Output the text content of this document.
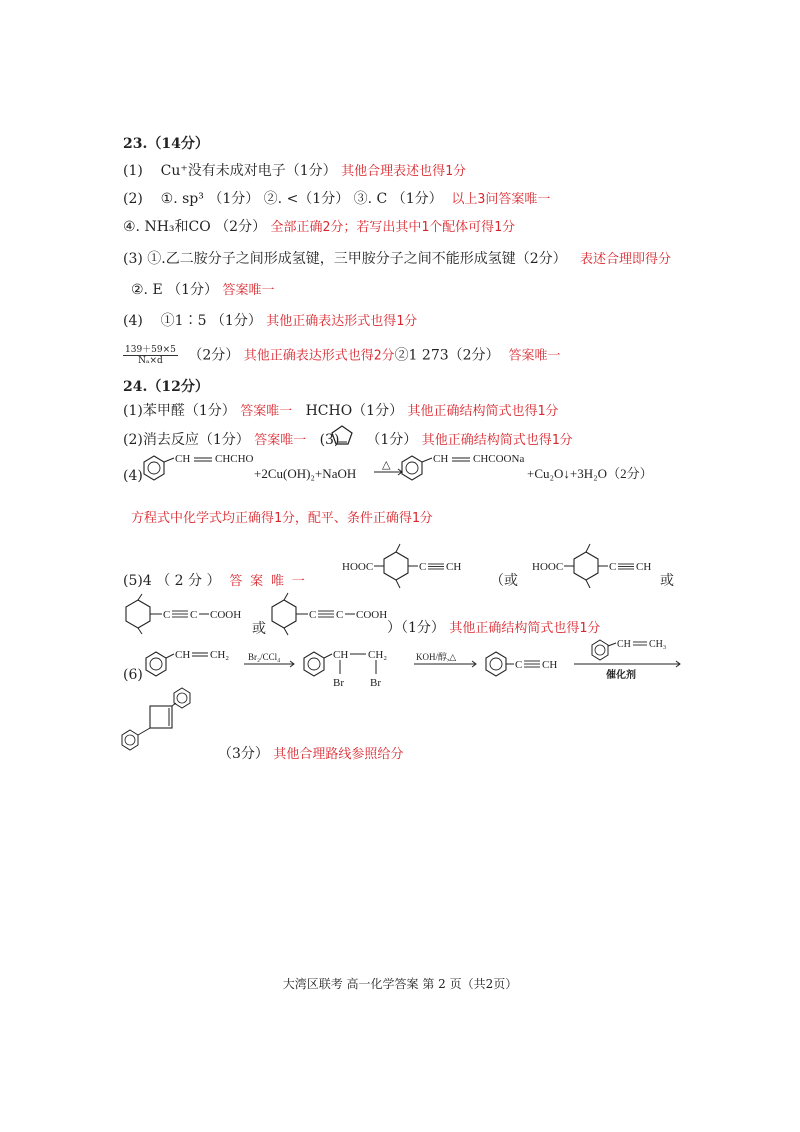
23.（14分）
(1) Cu⁺没有未成对电子（1分） 其他合理表述也得1分
(2) ①. sp³ （1分） ②. <（1分） ③. C （1分） 以上3问答案唯一
④. NH₃和CO （2分） 全部正确2分；若写出其中1个配体可得1分
(3) ①.乙二胺分子之间形成氢键，三甲胺分子之间不能形成氢键（2分） 表述合理即得分
②. E （1分） 答案唯一
(4) ①1∶5 （1分） 其他正确表达形式也得1分
$\frac{139+59\times 5}{\text{Nₐ×d}} (2$分） 其他正确表达形式也得2分②1 273（2分） 答案唯一
24.（12分）
(1)苯甲醛（1分） 答案唯一 HCHO（1分） 其他正确结构简式也得1分
(2)消去反应（1分） 答案唯一 (3) （1分） 其他正确结构简式也得1分
(4)
CH CHCHO
+2Cu(OH)₂+NaOH
△	CH CHCOONa
+Cu₂O↓+3H₂O（2分）
方程式中化学式均正确得1分，配平、条件正确得1分
(5)4 （ 2 分 ） 答 案 唯 一
HOOC	C CH
（或
HOOC	C CH
或
C C COOH
或
C C COOH
）（1分） 其他正确结构简式也得1分
(6)
CH CH₂ Br₂/CCl₄	CH CH₂
Br Br
KOH/醇,△
C CH
CH CH₃
催化剂
（3分） 其他合理路线参照给分
大湾区联考 高一化学答案 第 2 页（共2页）
